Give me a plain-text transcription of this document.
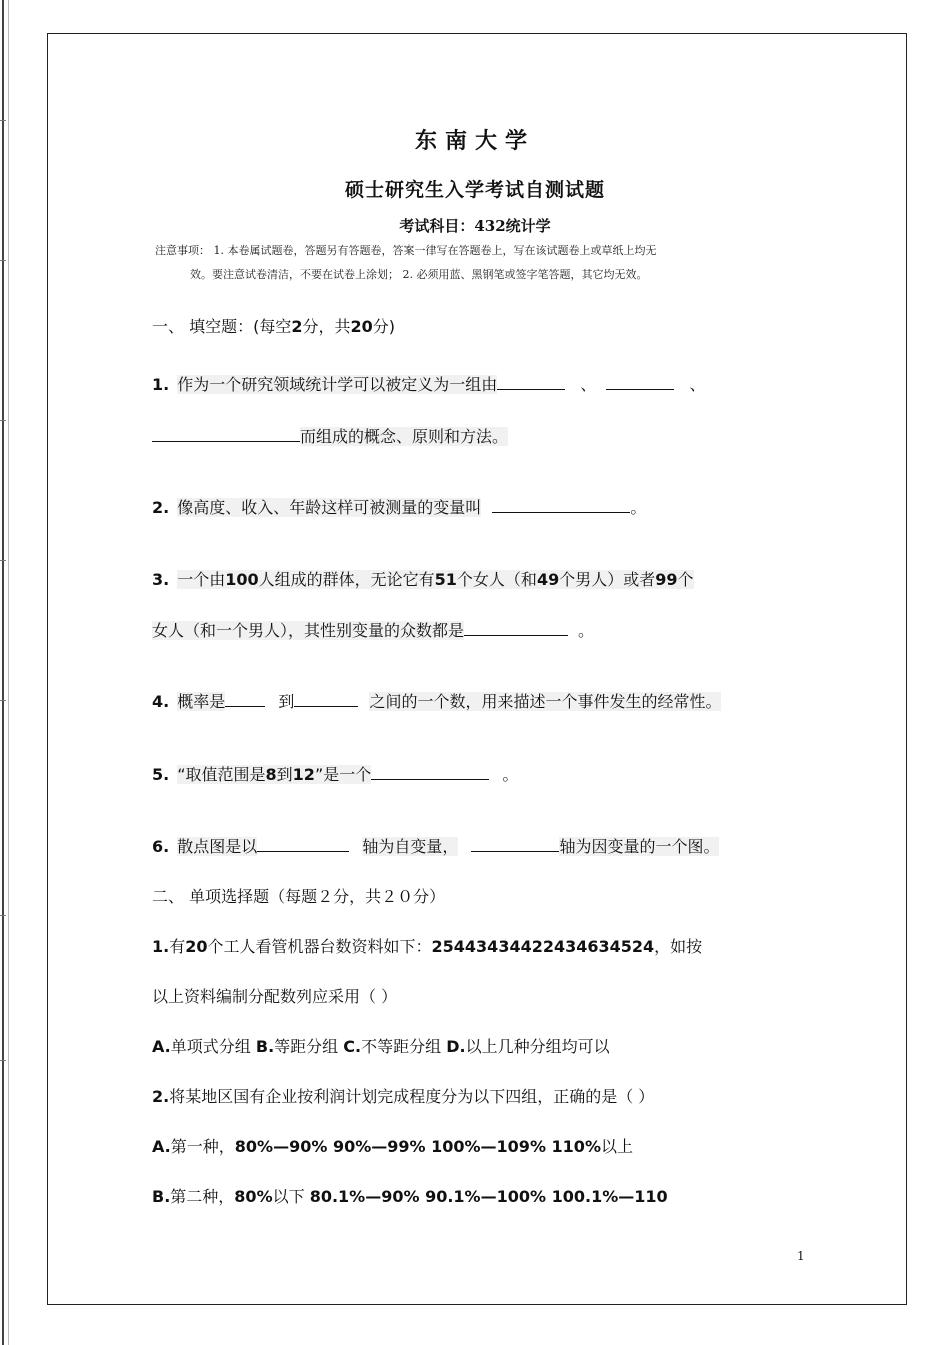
东南大学
硕士研究生入学考试自测试题
考试科目：432统计学
注意事项： 1. 本卷属试题卷，答题另有答题卷，答案一律写在答题卷上，写在该试题卷上或草纸上均无
效。要注意试卷清洁，不要在试卷上涂划； 2. 必须用蓝、黑钢笔或签字笔答题，其它均无效。
一、 填空题：(每空2分，共20分)
1. 作为一个研究领域统计学可以被定义为一组由	、	、
而组成的概念、原则和方法。
2. 像高度、收入、年龄这样可被测量的变量叫	。
3. 一个由100人组成的群体，无论它有51个女人（和49个男人）或者99个
女人（和一个男人），其性别变量的众数都是	。
4. 概率是	到	之间的一个数，用来描述一个事件发生的经常性。
5. “取值范围是8到12”是一个	。
6. 散点图是以	轴为自变量，	轴为因变量的一个图。
二、 单项选择题（每题２分，共２０分）
1.有20个工人看管机器台数资料如下：25443434422434634524，如按
以上资料编制分配数列应采用（ ）
A.单项式分组 B.等距分组 C.不等距分组 D.以上几种分组均可以
2.将某地区国有企业按利润计划完成程度分为以下四组，正确的是（ ）
A.第一种，80%—90% 90%—99% 100%—109% 110%以上
B.第二种，80%以下 80.1%—90% 90.1%—100% 100.1%—110
1
